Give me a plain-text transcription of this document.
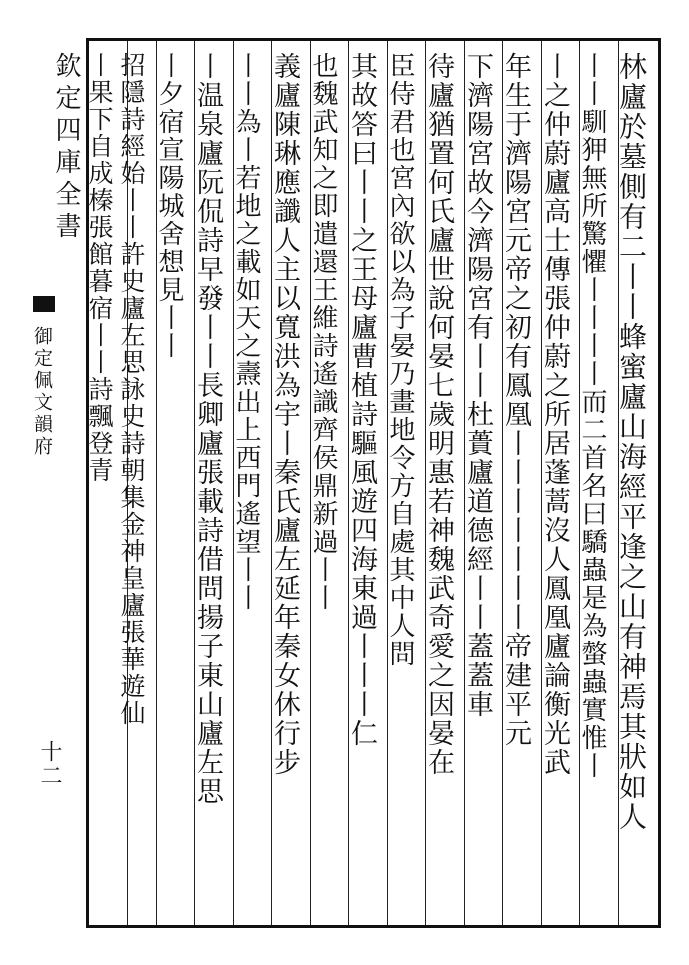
欽定四庫全書
御定佩文韻府
十二	林廬於墓側有二丨丨蜂蜜廬山海經平逢之山有神焉其狀如人
丨丨馴狎無所驚懼丨丨丨丨而二首名曰驕蟲是為螫蟲實惟丨
丨之仲蔚廬高士傳張仲蔚之所居蓬蒿沒人鳳凰廬論衡光武
年生于濟陽宮元帝之初有鳳凰丨丨丨丨丨丨丨帝建平元
下濟陽宮故今濟陽宮有丨丨杜蕢廬道德經丨丨蓋蓋車
待廬猶置何氏廬世說何晏七歲明惠若神魏武奇愛之因晏在
臣侍君也宮內欲以為子晏乃畫地令方自處其中人問
其故答曰丨丨之王母廬曹植詩驅風遊四海東過丨丨丨仁
也魏武知之即遣還王維詩遙識齊侯鼎新過丨丨
義廬陳琳應讖人主以寬洪為宇丨秦氏廬左延年秦女休行步
丨丨為丨若地之載如天之燾出上西門遙望丨丨
丨温泉廬阮侃詩早發丨丨長卿廬張載詩借問揚子東山廬左思
丨夕宿宣陽城舍想見丨丨
招隱詩經始丨丨許史廬左思詠史詩朝集金神皇廬張華遊仙
丨果下自成榛張館暮宿丨丨詩飄登青
